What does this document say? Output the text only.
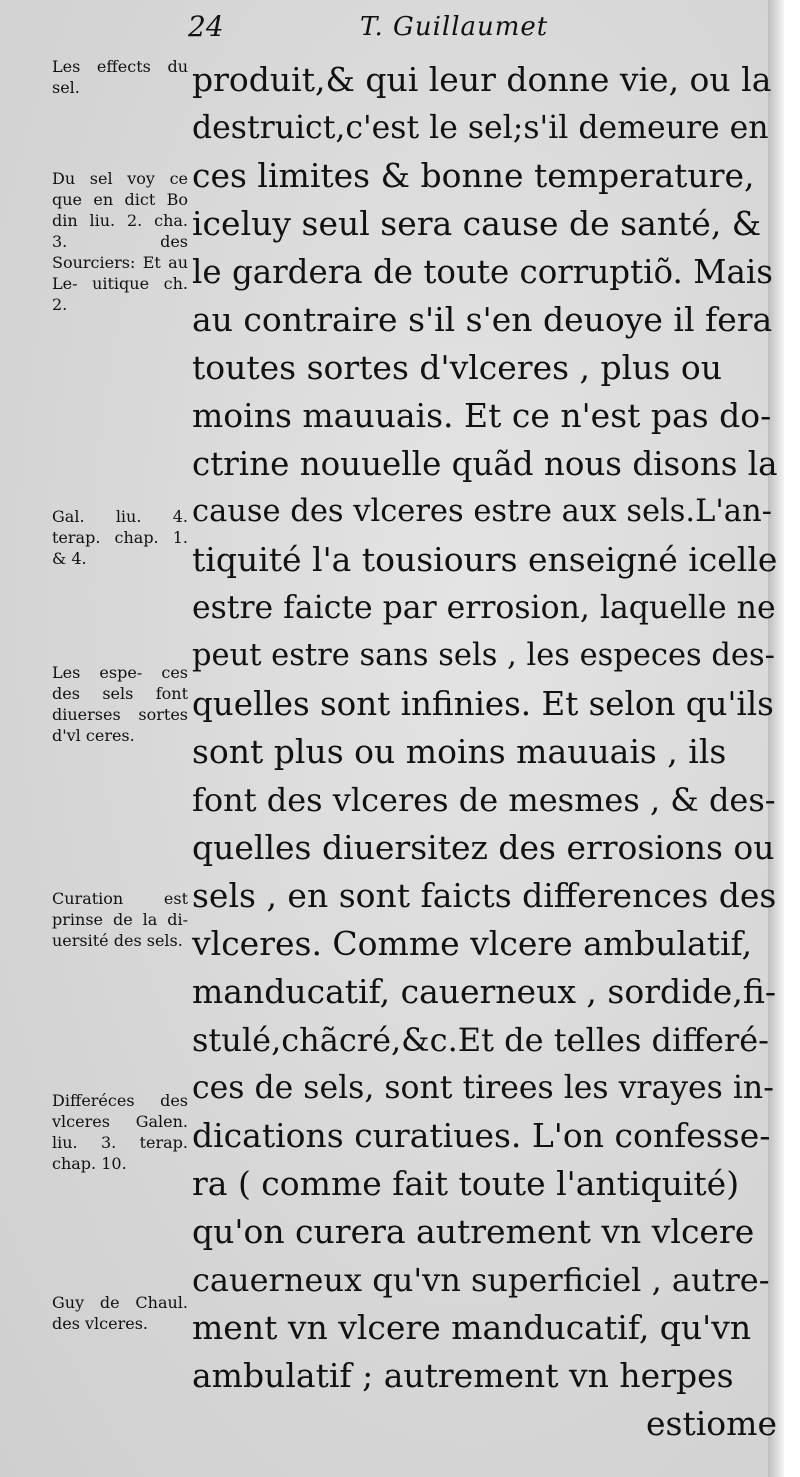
24	T. Guillaumet
Les effects du sel.
Du sel voy ce que en dict Bo din liu. 2. cha. 3. des Sourciers: Et au Le- uitique ch. 2.
Gal. liu. 4. terap. chap. 1. & 4.
Les espe- ces des sels font diuerses sortes d'vl ceres.
Curation est prinse de la di- uersité des sels.
Differéces des vlceres Galen. liu. 3. terap. chap. 10.
Guy de Chaul. des vlceres.
produit,& qui leur donne vie, ou la
destruict,c'est le sel;s'il demeure en
ces limites & bonne temperature,
iceluy seul sera cause de santé, &
le gardera de toute corruptiõ. Mais
au contraire s'il s'en deuoye il fera
toutes sortes d'vlceres , plus ou
moins mauuais. Et ce n'est pas do-
ctrine nouuelle quãd nous disons la
cause des vlceres estre aux sels.L'an-
tiquité l'a tousiours enseigné icelle
estre faicte par errosion, laquelle ne
peut estre sans sels , les especes des-
quelles sont infinies. Et selon qu'ils
sont plus ou moins mauuais , ils
font des vlceres de mesmes , & des-
quelles diuersitez des errosions ou
sels , en sont faicts differences des
vlceres. Comme vlcere ambulatif,
manducatif, cauerneux , sordide,fi-
stulé,chãcré,&c.Et de telles differé-
ces de sels, sont tirees les vrayes in-
dications curatiues. L'on confesse-
ra ( comme fait toute l'antiquité)
qu'on curera autrement vn vlcere
cauerneux qu'vn superficiel , autre-
ment vn vlcere manducatif, qu'vn
ambulatif ; autrement vn herpes
estiome
